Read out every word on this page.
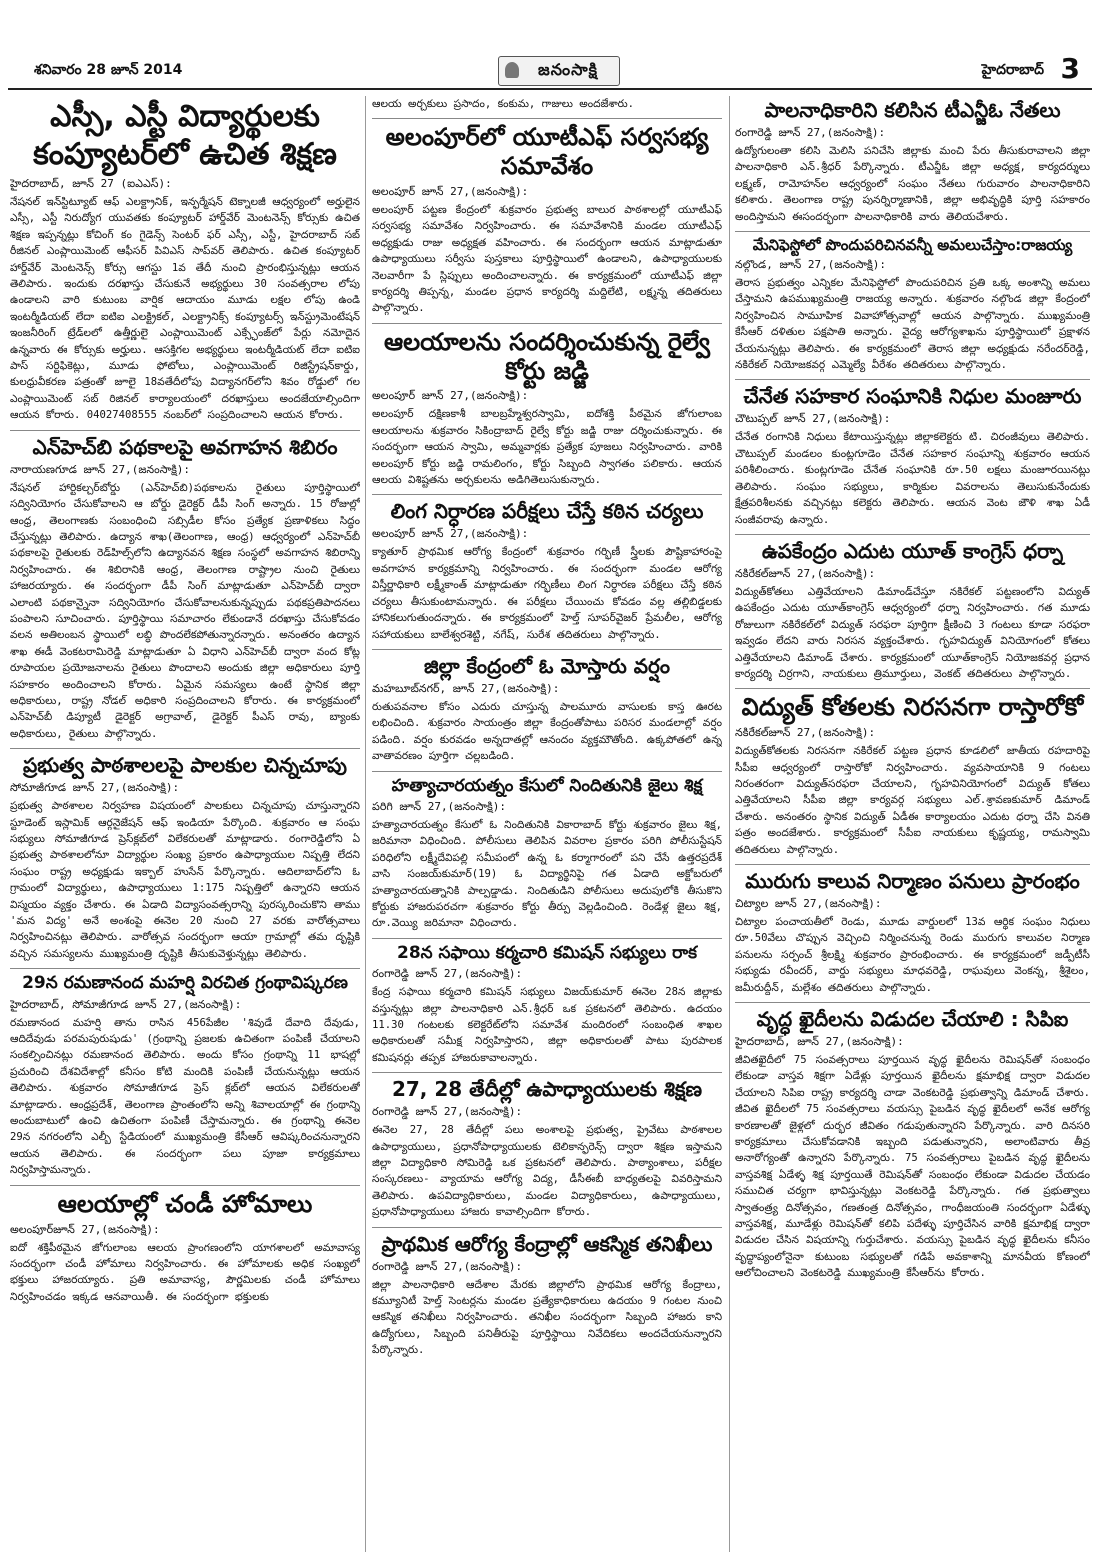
శనివారం 28 జూన్ 2014	జనంసాక్షి	హైదరాబాద్ 3
ఎస్సీ, ఎస్టీ విద్యార్థులకు కంప్యూటర్‌లో ఉచిత శిక్షణ
హైదరాబాద్, జూన్ 27 (ఐఎఎస్):

నేషనల్ ఇన్‌స్టిట్యూట్ ఆఫ్ ఎలక్ట్రానిక్, ఇన్ఫర్మేషన్ టెక్నాలజీ ఆధ్వర్యంలో అర్హులైన ఎస్సీ, ఎస్టీ నిరుద్యోగ యువతకు కంప్యూటర్ హార్డ్‌వేర్ మెంటనెన్స్ కోర్సుకు ఉచిత శిక్షణ ఇప్పన్నట్లు కోచింగ్ కం గైడెన్స్ సెంటర్ ఫర్ ఎస్సీ, ఎస్టీ, హైదరాబాద్ సబ్ రీజినల్ ఎంప్లాయిమెంట్ ఆఫీసర్ పివిఎస్ సాప్‌వర్ తెలిపారు. ఉచిత కంప్యూటర్ హార్డ్‌వేర్ మెంటనెన్స్ కోర్సు ఆగస్టు 1వ తేదీ నుంచి ప్రారంభిస్తున్నట్లు ఆయన తెలిపారు. ఇందుకు దరఖాస్తు చేసుకునే అభ్యర్థులు 30 సంవత్సరాల లోపు ఉండాలని వారి కుటుంబ వార్షిక ఆదాయం మూడు లక్షల లోపు ఉండి ఇంటర్మీడియట్ లేదా ఐటిఐ ఎలక్ట్రికల్, ఎలక్ట్రానిక్స్ కంప్యూటర్స్ ఇన్‌స్ట్రుమెంటేషన్ ఇంజనీరింగ్ ట్రేడ్‌లలో ఉత్తీర్ణులై ఎంప్లాయిమెంట్ ఎక్స్ఛేంజ్‌లో పేర్లు నమోదైన ఉన్నవారు ఈ కోర్సుకు అర్హులు. ఆసక్తిగల అభ్యర్థులు ఇంటర్మీడియట్ లేదా ఐటిఐ పాస్ సర్టిఫికెట్లు, మూడు ఫోటోలు, ఎంప్లాయిమెంట్ రిజిస్ట్రేషన్‌కార్డు, కులధ్రువీకరణ పత్రంతో జూలై 18వతేదీలోపు విద్యానగర్‌లోని శివం రోడ్డులో గల ఎంప్లాయిమెంట్ సబ్ రిజినల్ కార్యాలయంలో దరఖాస్తులు అందజేయాల్సిందిగా ఆయన కోరారు. 04027408555 నంబర్‌లో సంప్రదించాలని ఆయన కోరారు.

ఎన్‌హెచ్‌బి పథకాలపై అవగాహన శిబిరం
నారాయణగూడ జూన్ 27,(జనంసాక్షి):

నేషనల్ హార్టికల్చర్‌బోర్డు (ఎన్‌హెచ్‌బి)పథకాలను రైతులు పూర్తిస్థాయిలో సద్వినియోగం చేసుకోవాలని ఆ బోర్డు డైరెక్టర్ డీపీ సింగ్ అన్నారు. 15 రోజుల్లో ఆంధ్ర, తెలంగాణకు సంబంధించి సబ్సిడీల కోసం ప్రత్యేక ప్రణాళికలు సిద్ధం చేస్తున్నట్లు తెలిపారు. ఉద్యాన శాఖ(తెలంగాణ, ఆంధ్ర) ఆధ్వర్యంలో ఎన్‌హెచ్‌బీ పథకాలపై రైతులకు రెడ్‌హిల్స్‌లోని ఉద్యానవన శిక్షణ సంస్థలో అవగాహన శిబిరాన్ని నిర్వహించారు. ఈ శిబిరానికి ఆంధ్ర, తెలంగాణ రాష్ట్రాల నుంచి రైతులు హాజరయ్యారు. ఈ సందర్భంగా డీపీ సింగ్ మాట్లాడుతూ ఎన్‌హెచ్‌బీ ద్వారా ఎలాంటి పథకాన్నైనా సద్వినియోగం చేసుకోవాలనుకున్నప్పుడు పథకప్రతిపాదనలు పంపాలని సూచించారు. పూర్తిస్థాయి సమాచారం లేకుండానే దరఖాస్తు చేసుకోవడం వలన అతిలంబన స్థాయిలో లబ్ధి పొందలేకపోతున్నారన్నారు. అనంతరం ఉద్యాన శాఖ ఈడీ వెంకటరామిరెడ్డి మాట్లాడుతూ ఏ విధాని ఎన్‌హెచ్‌బీ ద్వారా వంద కోట్ల రూపాయల ప్రయోజనాలను రైతులు పొందాలని అందుకు జిల్లా అధికారులు పూర్తి సహకారం అందించాలని కోరారు. ఏమైన సమస్యలు ఉంటే స్థానిక జిల్లా అధికారులు, రాష్ట్ర నోడల్ అధికారి సంప్రదించాలని కోరారు. ఈ కార్యక్రమంలో ఎన్‌హెచ్‌బీ డిప్యూటీ డైరెక్టర్ అగ్రావాల్, డైరెక్టర్ పీఎస్ రావు, బ్యాంకు అధికారులు, రైతులు పాల్గొన్నారు.

ప్రభుత్వ పాఠశాలలపై పాలకుల చిన్నచూపు
సోమాజీగూడ జూన్ 27,(జనంసాక్షి):

ప్రభుత్వ పాఠశాలల నిర్వహణ విషయంలో పాలకులు చిన్నచూపు చూస్తున్నారని స్టూడెంట్ ఇస్లామిక్ ఆర్గనైజేషన్ ఆఫ్ ఇండియా పేర్కొంది. శుక్రవారం ఆ సంఘ సభ్యులు సోమాజీగూడ ప్రెస్‌క్లబ్‌లో విలేకరులతో మాట్లాడారు. రంగారెడ్డిలోని ఏ ప్రభుత్వ పాఠశాలలోనూ విద్యార్థుల సంఖ్య ప్రకారం ఉపాధ్యాయుల నిష్పత్తి లేదని సంఘం రాష్ట్ర అధ్యక్షుడు ఇక్బాల్ హుసేన్ పేర్కొన్నారు. ఆదిలాబాద్‌లోని ఓ గ్రామంలో విద్యార్థులు, ఉపాధ్యాయులు 1:175 నిష్పత్తిలో ఉన్నారని ఆయన విస్మయం వ్యక్తం చేశారు. ఈ ఏడాది విద్యాసంవత్సరాన్ని పురస్కరించుకొని తాము 'మన విద్య' అనే అంశంపై ఈనెల 20 నుంచి 27 వరకు వారోత్సవాలు నిర్వహించినట్లు తెలిపారు. వారోత్సవ సందర్భంగా ఆయా గ్రామాల్లో తమ దృష్టికి వచ్చిన సమస్యలను ముఖ్యమంత్రి దృష్టికి తీసుకువెళ్తున్నట్లు తెలిపారు.

29న రమణానంద మహర్షి విరచిత గ్రంథావిష్కరణ
హైదరాబాద్, సోమాజీగూడ జూన్ 27,(జనంసాక్షి):

రమణానంద మహర్షి తాను రాసిన 456పేజీల 'శివుడే దేవాది దేవుడు, ఆదిదేవుడు పరమపురుషుడు' (గ్రంథాన్ని ప్రజలకు ఉచితంగా పంపిణీ చేయాలని సంకల్పించినట్లు రమణానంద తెలిపారు. అందు కోసం గ్రంథాన్ని 11 భాషల్లో ప్రచురించి దేశవిదేశాల్లో కనీసం కోటి మందికి పంపిణీ చేయనున్నట్లు ఆయన తెలిపారు. శుక్రవారం సోమాజీగూడ ప్రెస్ క్లబ్‌లో ఆయన విలేకరులతో మాట్లాడారు. ఆంధ్రప్రదేశ్, తెలంగాణ ప్రాంతంలోని అన్ని శివాలయాల్లో ఈ గ్రంథాన్ని అందుబాటులో ఉంచి ఉచితంగా పంపిణీ చేస్తామన్నారు. ఈ గ్రంథాన్ని ఈనెల 29న నగరంలోని ఎల్బీ స్టేడియంలో ముఖ్యమంత్రి కేసీఆర్ ఆవిష్కరించనున్నారని ఆయన తెలిపారు. ఈ సందర్భంగా పలు పూజా కార్యక్రమాలు నిర్వహిస్తామన్నారు.

ఆలయాల్లో చండీ హోమాలు
అలంపూర్‌జూన్ 27,(జనంసాక్షి):

ఐదో శక్తిపీఠమైన జోగులాంబ ఆలయ ప్రాంగణంలోని యాగశాలలో అమావాస్య సందర్భంగా చండీ హోమాలు నిర్వహించారు. ఈ హోమాలకు అధిక సంఖ్యలో భక్తులు హాజరయ్యారు. ప్రతి అమావాస్య, పౌర్ణమిలకు చండీ హోమాలు నిర్వహించడం ఇక్కడ ఆనవాయితీ. ఈ సందర్భంగా భక్తులకు

ఆలయ అర్చకులు ప్రసాదం, కంకుమ, గాజులు అందజేశారు.

అలంపూర్‌లో యూటీఎఫ్ సర్వసభ్య సమావేశం
అలంపూర్ జూన్ 27,(జనంసాక్షి):

అలంపూర్ పట్టణ కేంద్రంలో శుక్రవారం ప్రభుత్వ బాలుర పాఠశాలల్లో యూటీఎఫ్ సర్వసభ్య సమావేశం నిర్వహించారు. ఈ సమావేశానికి మండల యూటీఎఫ్ అధ్యక్షుడు రాజు అధ్యక్షత వహించారు. ఈ సందర్భంగా ఆయన మాట్లాడుతూ ఉపాధ్యాయులు సర్వీసు పుస్తకాలు పూర్తిస్థాయిలో ఉండాలని, ఉపాధ్యాయులకు నెలవారీగా పే స్లిప్పులు అందించాలన్నారు. ఈ కార్యక్రమంలో యూటీఎఫ్ జిల్లా కార్యదర్శి తిప్పన్న, మండల ప్రధాన కార్యదర్శి మద్దిలేటి, లక్ష్మన్న తదితరులు పాల్గొన్నారు.

ఆలయాలను సందర్శించుకున్న రైల్వే కోర్టు జడ్జి
అలంపూర్ జూన్ 27,(జనంసాక్షి):

అలంపూర్ దక్షిణకాశీ బాలబ్రహ్మేశ్వరస్వామి, ఐదోశక్తి పీఠమైన జోగులాంబ ఆలయాలను శుక్రవారం సికింద్రాబాద్ రైల్వే కోర్టు జడ్జి రాజు దర్శించుకున్నారు. ఈ సందర్భంగా ఆయన స్వామి, అమ్మవార్లకు ప్రత్యేక పూజలు నిర్వహించారు. వారికి అలంపూర్ కోర్టు జడ్జి రామలింగం, కోర్టు సిబ్బంది స్వాగతం పలికారు. ఆయన ఆలయ విశిష్టతను అర్చకులను అడిగితెలుసుకున్నారు.

లింగ నిర్ధారణ పరీక్షలు చేస్తే కఠిన చర్యలు
అలంపూర్ జూన్ 27,(జనంసాక్షి):

క్యాతూర్ ప్రాథమిక ఆరోగ్య కేంద్రంలో శుక్రవారం గర్భిణీ స్త్రీలకు పౌష్టికాహారంపై అవగాహన కార్యక్రమాన్ని నిర్వహించారు. ఈ సందర్భంగా మండల ఆరోగ్య విస్తీర్ణాధికారి లక్ష్మీకాంత్ మాట్లాడుతూ గర్భిణీలు లింగ నిర్ధారణ పరీక్షలు చేస్తే కఠిన చర్యలు తీసుకుంటామన్నారు. ఈ పరీక్షలు చేయించు కోవడం వల్ల తల్లిబిడ్డలకు హానికలుగుతుందన్నారు. ఈ కార్యక్రమంలో హెల్త్ సూపర్‌వైజర్ ప్రేమలీల, ఆరోగ్య సహాయకులు బాలేశ్వరశెట్టి, నగేష్, సురేశ తదితరులు పాల్గొన్నారు.

జిల్లా కేంద్రంలో ఓ మోస్తారు వర్షం
మహబూబ్‌నగర్, జూన్ 27,(జనంసాక్షి):

రుతుపవనాల కోసం ఎదురు చూస్తున్న పాలమూరు వాసులకు కాస్త ఊరట లభించింది. శుక్రవారం సాయంత్రం జిల్లా కేంద్రంతోపాటు పరిసర మండలాల్లో వర్షం పడింది. వర్షం కురవడం అన్నదాతల్లో ఆనందం వ్యక్తమౌతోంది. ఉక్కపోతలో ఉన్న వాతావరణం పూర్తిగా చల్లబడింది.

హత్యాచారయత్నం కేసులో నిందితునికి జైలు శిక్ష
పరిగి జూన్ 27,(జనంసాక్షి):

హత్యాచారయత్నం కేసులో ఓ నిందితునికి వికారాబాద్ కోర్టు శుక్రవారం జైలు శిక్ష, జరిమానా విధించింది. పోలీసులు తెలిపిన వివరాల ప్రకారం పరిగి పోలీసుస్టేషన్ పరిధిలోని లక్ష్మీదేవిపల్లి సమీపంలో ఉన్న ఓ కర్మాగారంలో పని చేసే ఉత్తరప్రదేశ్ వాసి సంజయ్‌కుమార్(19) ఓ విద్యార్థినిపై గత ఏడాది అక్టోబరులో హత్యాచారయత్నానికి పాల్పడ్డాడు. నిందితుడిని పోలీసులు అదుపులోకి తీసుకొని కోర్టుకు హాజరుపరచగా శుక్రవారం కోర్టు తీర్పు వెల్లడించింది. రెండేళ్ల జైలు శిక్ష, రూ.వెయ్యి జరిమానా విధించారు.

28న సఫాయి కర్మచారి కమిషన్ సభ్యులు రాక
రంగారెడ్డి జూన్ 27,(జనంసాక్షి):

కేంద్ర సఫాయి కర్మచారి కమిషన్ సభ్యులు విజయ్‌కుమార్ ఈనెల 28న జిల్లాకు వస్తున్నట్లు జిల్లా పాలనాధికారి ఎన్.శ్రీధర్ ఒక ప్రకటనలో తెలిపారు. ఉదయం 11.30 గంటలకు కలెక్టరేట్‌లోని సమావేశ మందిరంలో సంబంధిత శాఖల అధికారులతో సమీక్ష నిర్వహిస్తారని, జిల్లా అధికారులతో పాటు పురపాలక కమిషనర్లు తప్పక హాజరుకావాలన్నారు.

27, 28 తేదీల్లో ఉపాధ్యాయులకు శిక్షణ
రంగారెడ్డి జూన్ 27,(జనంసాక్షి):

ఈనెల 27, 28 తేదీల్లో పలు అంశాలపై ప్రభుత్వ, ప్రైవేటు పాఠశాలల ఉపాధ్యాయులు, ప్రధానోపాధ్యాయులకు టెలికాన్ఫరెన్స్ ద్వారా శిక్షణ ఇస్తామని జిల్లా విద్యాధికారి సోమిరెడ్డి ఒక ప్రకటనలో తెలిపారు. పాఠ్యాంశాలు, పరీక్షల సంస్కరణలు- వ్యాయామ ఆరోగ్య విద్య, డీసీఈబీ బాధ్యతలపై వివరిస్తామని తెలిపారు. ఉపవిద్యాధికారులు, మండల విద్యాధికారులు, ఉపాధ్యాయులు, ప్రధానోపాధ్యాయులు హాజరు కావాల్సిందిగా కోరారు.

ప్రాథమిక ఆరోగ్య కేంద్రాల్లో ఆకస్మిక తనిఖీలు
రంగారెడ్డి జూన్ 27,(జనంసాక్షి):

జిల్లా పాలనాధికారి ఆదేశాల మేరకు జిల్లాలోని ప్రాథమిక ఆరోగ్య కేంద్రాలు, కమ్యూనిటీ హెల్త్ సెంటర్లను మండల ప్రత్యేకాధికారులు ఉదయం 9 గంటల నుంచి ఆకస్మిక తనిఖీలు నిర్వహించారు. తనిఖీల సందర్భంగా సిబ్బంది హాజరు కాని ఉద్యోగులు, సిబ్బంది పనితీరుపై పూర్తిస్థాయి నివేదికలు అందచేయనున్నారని పేర్కొన్నారు.

పాలనాధికారిని కలిసిన టీఎన్జీఓ నేతలు
రంగారెడ్డి జూన్ 27,(జనంసాక్షి):

ఉద్యోగులంతా కలిసి మెలిసి పనిచేసి జిల్లాకు మంచి పేరు తీసుకురావాలని జిల్లా పాలనాధికారి ఎన్.శ్రీధర్ పేర్కొన్నారు. టీఎన్జీఓ జిల్లా అధ్యక్ష, కార్యదర్శులు లక్ష్మణ్, రామోహన్‌ల ఆధ్వర్యంలో సంఘం నేతలు గురువారం పాలనాధికారిని కలిశారు. తెలంగాణ రాష్ట్ర పునర్నిర్మాణానికి, జిల్లా అభివృద్ధికి పూర్తి సహకారం అందిస్తామని ఈసందర్భంగా పాలనాధికారికి వారు తెలియచేశారు.

మేనిఫెస్టోలో పొందుపరిచినవన్నీ అమలుచేస్తాం:రాజయ్య
నల్గొండ, జూన్ 27,(జనంసాక్షి):

తెరాస ప్రభుత్వం ఎన్నికల మేనిఫెస్టోలో పొందుపరిచిన ప్రతి ఒక్క అంశాన్ని అమలు చేస్తామని ఉపముఖ్యమంత్రి రాజయ్య అన్నారు. శుక్రవారం నల్గొండ జిల్లా కేంద్రంలో నిర్వహించిన సామూహిక వివాహోత్సవాల్లో ఆయన పాల్గొన్నారు. ముఖ్యమంత్రి కేసీఆర్ దళితుల పక్షపాతి అన్నారు. వైద్య ఆరోగ్యశాఖను పూర్తిస్థాయిలో ప్రక్షాళన చేయనున్నట్లు తెలిపారు. ఈ కార్యక్రమంలో తెరాస జిల్లా అధ్యక్షుడు నరేందర్‌రెడ్డి, నకిరేకల్ నియోజకవర్గ ఎమ్మెల్యే వీరేశం తదితరులు పాల్గొన్నారు.

చేనేత సహకార సంఘానికి నిధుల మంజూరు
చౌటుప్పల్ జూన్ 27,(జనంసాక్షి):

చేనేత రంగానికి నిధులు కేటాయిస్తున్నట్లు జిల్లాకలెక్టరు టి. చిరంజీవులు తెలిపారు. చౌటుప్పల్ మండలం కుంట్లగూడెం చేనేత సహకార సంఘాన్ని శుక్రవారం ఆయన పరిశీలించారు. కుంట్లగూడెం చేనేత సంఘానికి రూ.50 లక్షలు మంజూరయినట్లు తెలిపారు. సంఘం సభ్యులు, కార్మికుల వివరాలను తెలుసుకునేందుకు క్షేత్రపరిశీలనకు వచ్చినట్లు కలెక్టరు తెలిపారు. ఆయన వెంట జౌళి శాఖ ఏడీ సంజీవరావు ఉన్నారు.

ఉపకేంద్రం ఎదుట యూత్ కాంగ్రెస్ ధర్నా
నకిరేకల్‌జూన్ 27,(జనంసాక్షి):

విద్యుత్‌కోతలు ఎత్తివేయాలని డిమాండ్‌చేస్తూ నకిరేకల్ పట్టణంలోని విద్యుత్ ఉపకేంద్రం ఎదుట యూత్‌కాంగ్రెస్ ఆధ్వర్యంలో ధర్నా నిర్వహించారు. గత మూడు రోజులుగా నకిరేకల్‌లో విద్యుత్ సరఫరా పూర్తిగా క్షీణించి 3 గంటలు కూడా సరఫరా ఇవ్వడం లేదని వారు నిరసన వ్యక్తంచేశారు. గృహవిద్యుత్ వినియోగంలో కోతలు ఎత్తివేయాలని డిమాండ్ చేశారు. కార్యక్రమంలో యూత్‌కాంగ్రెస్ నియోజకవర్గ ప్రధాన కార్యదర్శి చిర్రగాని, నాయకులు త్రిమూర్తులు, వెంకట్ తదితరులు పాల్గొన్నారు.

విద్యుత్ కోతలకు నిరసనగా రాస్తారోకో
నకిరేకల్‌జూన్ 27,(జనంసాక్షి):

విద్యుత్‌కోతలకు నిరసనగా నకిరేకల్ పట్టణ ప్రధాన కూడలిలో జాతీయ రహదారిపై సీపీఐ ఆధ్వర్యంలో రాస్తారోకో నిర్వహించారు. వ్యవసాయానికి 9 గంటలు నిరంతరంగా విద్యుత్‌సరఫరా చేయాలని, గృహవినియోగంలో విద్యుత్ కోతలు ఎత్తివేయాలని సీపీఐ జిల్లా కార్యవర్గ సభ్యులు ఎల్.శ్రావణకుమార్ డిమాండ్ చేశారు. అనంతరం స్థానిక విద్యుత్ ఏడీఈ కార్యాలయం ఎదుట ధర్నా చేసి వినతి పత్రం అందజేశారు. కార్యక్రమంలో సీపీఐ నాయకులు కృష్ణయ్య, రామస్వామి తదితరులు పాల్గొన్నారు.

మురుగు కాలువ నిర్మాణం పనులు ప్రారంభం
చిట్యాల జూన్ 27,(జనంసాక్షి):

చిట్యాల పంచాయతీలో రెండు, మూడు వార్డులలో 13వ ఆర్థిక సంఘం నిధులు రూ.50వేలు చొప్పున వెచ్చించి నిర్మించనున్న రెండు మురుగు కాలువల నిర్మాణ పనులను సర్పంచ్ శ్రీలక్ష్మి శుక్రవారం ప్రారంభించారు. ఈ కార్యక్రమంలో జడ్పీటీసీ సభ్యుడు రవీందర్, వార్డు సభ్యులు మాధవరెడ్డి, రాఘవులు వెంకన్న, శ్రీశైలం, జమీరుద్దీన్, మల్లేశం తదితరులు పాల్గొన్నారు.

వృద్ధ ఖైదీలను విడుదల చేయాలి : సిపిఐ
హైదరాబాద్, జూన్ 27,(జనంసాక్షి):

జీవితఖైదీలో 75 సంవత్సరాలు పూర్తయిన వృద్ధ ఖైదీలను రెమిషన్‌తో సంబంధం లేకుండా వాస్తవ శిక్షగా ఏడేళ్లు పూర్తయిన ఖైదీలను క్షమాభిక్ష ద్వారా విడుదల చేయాలని సిపిఐ రాష్ట్ర కార్యదర్శి చాడా వెంకటరెడ్డి ప్రభుత్వాన్ని డిమాండ్ చేశారు. జీవిత ఖైదీలలో 75 సంవత్సరాలు వయస్సు పైబడిన వృద్ధ ఖైదీలలో అనేక ఆరోగ్య కారణాలతో జైళ్లలో దుర్భర జీవితం గడుపుతున్నారని పేర్కొన్నారు. వారి దినసరి కార్యక్రమాలు చేసుకోవడానికి ఇబ్బంది పడుతున్నారని, అలాంటివారు తీవ్ర అనారోగ్యంతో ఉన్నారని పేర్కొన్నారు. 75 సంవత్సరాలు పైబడిన వృద్ధ ఖైదీలను వాస్తవశిక్ష ఏడేళ్ళ శిక్ష పూర్తయితే రెమిషన్‌తో సంబంధం లేకుండా విడుదల చేయడం సముచిత చర్యగా భావిస్తున్నట్లు వెంకటరెడ్డి పేర్కొన్నారు. గత ప్రభుత్వాలు స్వాతంత్ర్య దినోత్సవం, గణతంత్ర దినోత్సవం, గాంధీజయంతి సందర్భంగా ఏడేళ్ళు వాస్తవశిక్ష, మూడేళ్లు రెమిషన్‌తో కలిపి పదేళ్ళు పూర్తిచేసిన వారికి క్షమాభిక్ష ద్వారా విడుదల చేసిన విషయాన్ని గుర్తుచేశారు. వయస్సు పైబడిన వృద్ధ ఖైదీలను కనీసం వృద్ధాప్యంలోనైనా కుటుంబ సభ్యులతో గడిపే అవకాశాన్ని మానవీయ కోణంలో ఆలోచించాలని వెంకటరెడ్డి ముఖ్యమంత్రి కేసీఆర్‌ను కోరారు.
